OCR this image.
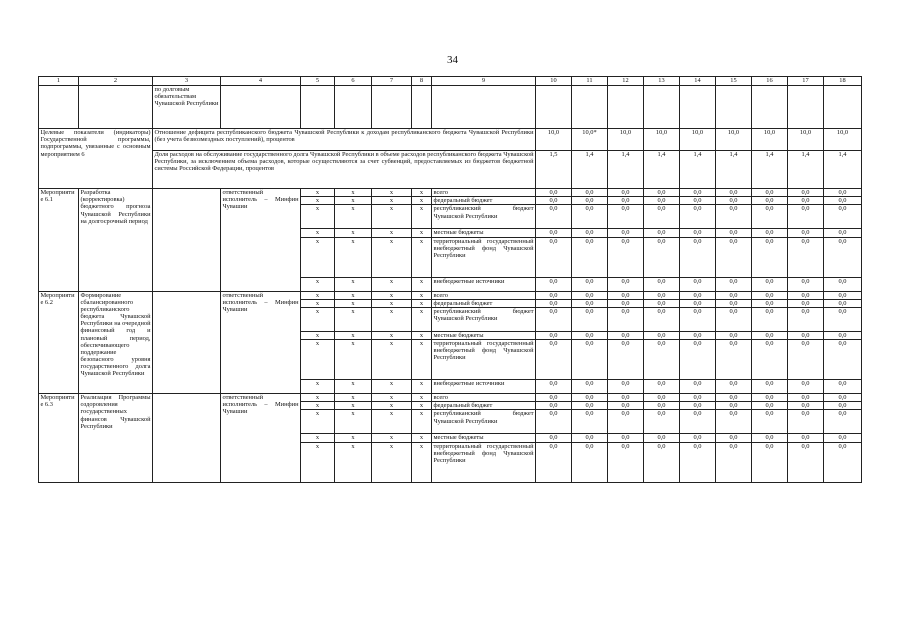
34
1	2	3	4	5	6	7	8	9	10	11	12	13	14	15	16	17	18
		по долговым обязательствам Чувашской Республики															
Целевые показатели (индикаторы) Государственной программы, подпрограммы, увязанные с основным мероприятием 6		Отношение дефицита республиканского бюджета Чувашской Республики к доходам республиканского бюджета Чувашской Республики (без учета безвозмездных поступлений), процентов							10,0	10,0*	10,0	10,0	10,0	10,0	10,0	10,0	10,0
		Доля расходов на обслуживание государственного долга Чувашской Республики в объеме расходов республиканского бюджета Чувашской Республики, за исключением объема расходов, которые осуществляются за счет субвенций, предоставляемых из бюджетов бюджетной системы Российской Федерации, процентов							1,5	1,4	1,4	1,4	1,4	1,4	1,4	1,4	1,4
Мероприятие 6.1	Разработка (корректировка) бюджетного прогноза Чувашской Республики на долгосрочный период		ответственный исполнитель – Минфин Чувашии	x	x	x	x	всего	0,0	0,0	0,0	0,0	0,0	0,0	0,0	0,0	0,0
				x	x	x	x	федеральный бюджет	0,0	0,0	0,0	0,0	0,0	0,0	0,0	0,0	0,0
				x	x	x	x	республиканский бюджет Чувашской Республики	0,0	0,0	0,0	0,0	0,0	0,0	0,0	0,0	0,0
				x	x	x	x	местные бюджеты	0,0	0,0	0,0	0,0	0,0	0,0	0,0	0,0	0,0
				x	x	x	x	территориальный государственный внебюджетный фонд Чувашской Республики	0,0	0,0	0,0	0,0	0,0	0,0	0,0	0,0	0,0
				x	x	x	x	внебюджетные источники	0,0	0,0	0,0	0,0	0,0	0,0	0,0	0,0	0,0
Мероприятие 6.2	Формирование сбалансированного республиканского бюджета Чувашской Республики на очередной финансовый год и плановый период, обеспечивающего поддержание безопасного уровня государственного долга Чувашской Республики		ответственный исполнитель – Минфин Чувашии	x	x	x	x	всего	0,0	0,0	0,0	0,0	0,0	0,0	0,0	0,0	0,0
				x	x	x	x	федеральный бюджет	0,0	0,0	0,0	0,0	0,0	0,0	0,0	0,0	0,0
				x	x	x	x	республиканский бюджет Чувашской Республики	0,0	0,0	0,0	0,0	0,0	0,0	0,0	0,0	0,0
				x	x	x	x	местные бюджеты	0,0	0,0	0,0	0,0	0,0	0,0	0,0	0,0	0,0
				x	x	x	x	территориальный государственный внебюджетный фонд Чувашской Республики	0,0	0,0	0,0	0,0	0,0	0,0	0,0	0,0	0,0
				x	x	x	x	внебюджетные источники	0,0	0,0	0,0	0,0	0,0	0,0	0,0	0,0	0,0
Мероприятие 6.3	Реализация Программы оздоровления государственных финансов Чувашской Республики		ответственный исполнитель – Минфин Чувашии	x	x	x	x	всего	0,0	0,0	0,0	0,0	0,0	0,0	0,0	0,0	0,0
				x	x	x	x	федеральный бюджет	0,0	0,0	0,0	0,0	0,0	0,0	0,0	0,0	0,0
				x	x	x	x	республиканский бюджет Чувашской Республики	0,0	0,0	0,0	0,0	0,0	0,0	0,0	0,0	0,0
				x	x	x	x	местные бюджеты	0,0	0,0	0,0	0,0	0,0	0,0	0,0	0,0	0,0
				x	x	x	x	территориальный государственный внебюджетный фонд Чувашской Республики	0,0	0,0	0,0	0,0	0,0	0,0	0,0	0,0	0,0
